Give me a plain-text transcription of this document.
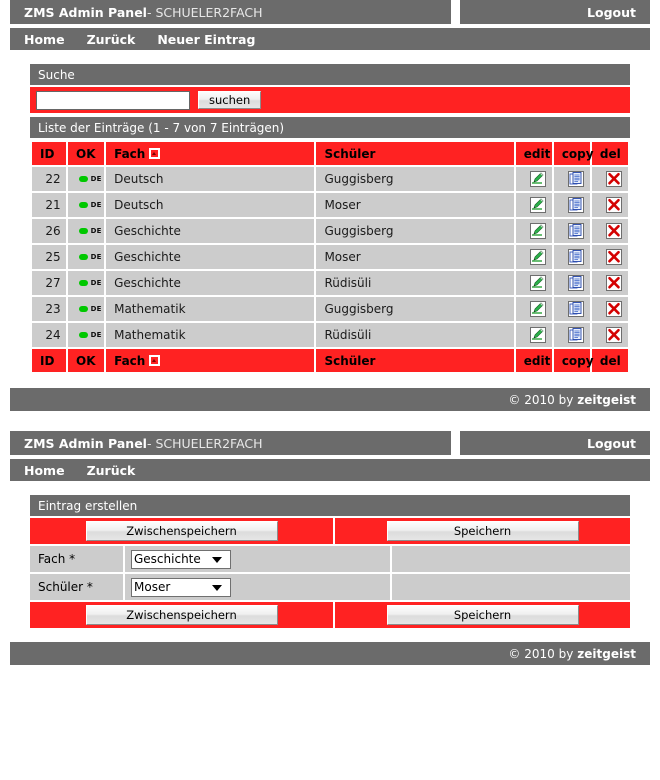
ZMS Admin Panel - SCHUELER2FACH	Logout
Home Zurück Neuer Eintrag
Suche
suchen
Liste der Einträge (1 - 7 von 7 Einträgen)
ID	OK	Fach	Schüler	edit	copy	del
22	DE	Deutsch	Guggisberg			
21	DE	Deutsch	Moser			
26	DE	Geschichte	Guggisberg			
25	DE	Geschichte	Moser			
27	DE	Geschichte	Rüdisüli			
23	DE	Mathematik	Guggisberg			
24	DE	Mathematik	Rüdisüli			
ID	OK	Fach	Schüler	edit	copy	del
© 2010 by zeitgeist
ZMS Admin Panel - SCHUELER2FACH	Logout
Home Zurück
Eintrag erstellen
Zwischenspeichern	Speichern
Fach *
Geschichte
Schüler *
Moser
Zwischenspeichern	Speichern
© 2010 by zeitgeist
